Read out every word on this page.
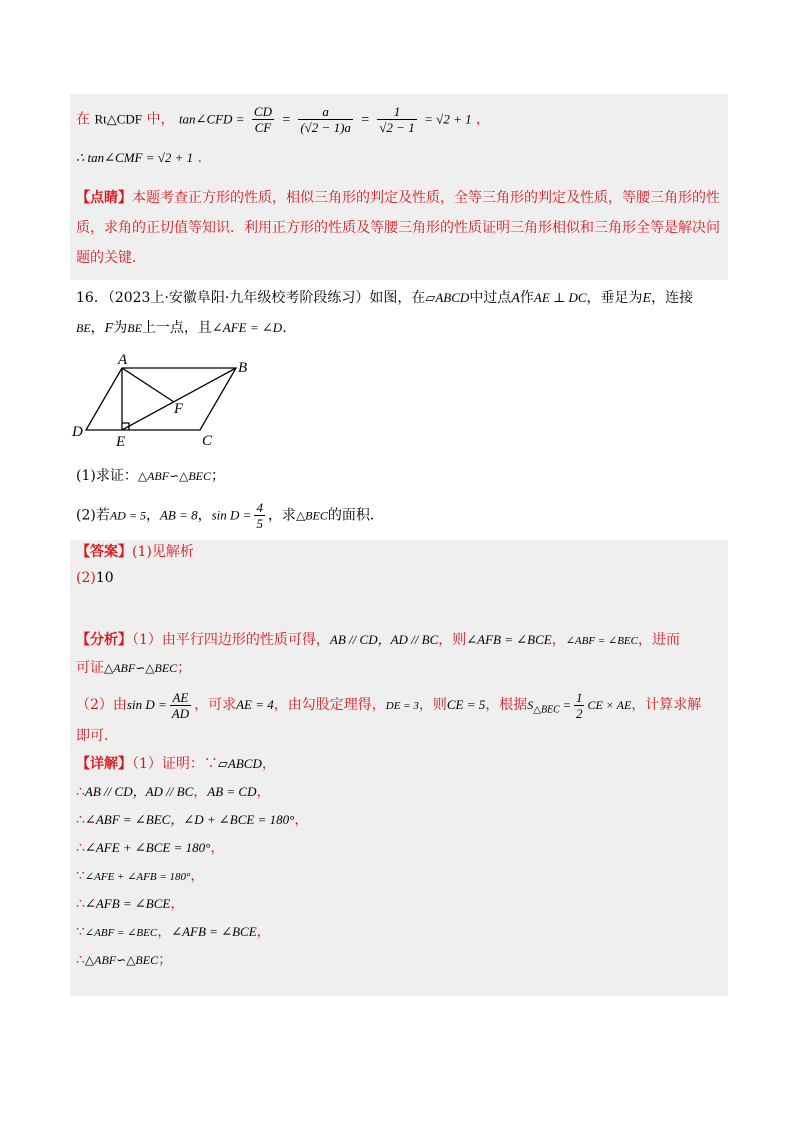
在 Rt△CDF 中， tan∠CFD = $\frac{CD}{CF} = \frac{a}{(√2 - 1)a} = \frac{1}{√2 - 1} = √2 + 1$ ，
∴ tan∠CMF = √2 + 1 .
【点睛】本题考查正方形的性质，相似三角形的判定及性质，全等三角形的判定及性质，等腰三角形的性
质，求角的正切值等知识．利用正方形的性质及等腰三角形的性质证明三角形相似和三角形全等是解决问
题的关键．
16．（2023上·安徽阜阳·九年级校考阶段练习）如图，在▱ABCD中过点A作AE ⊥ DC，垂足为E，连接
BE，F为BE上一点，且∠AFE = ∠D.
A	B
C
D
E
F
(1)求证：△ABF∽△BEC；
(2)若AD = 5，AB = 8，$\sin D = \frac{4}{5}$ ，求△BEC的面积．
【答案】(1)见解析
(2)10
【分析】（1）由平行四边形的性质可得，AB // CD，AD // BC，则∠AFB = ∠BCE，∠ABF = ∠BEC，进而
可证△ABF∽△BEC；
（2）由$\sin D = \frac{AE}{AD}$ ，可求AE = 4，由勾股定理得，DE = 3，则CE = 5，根据$S_{\triangle BEC} = \frac{1}{2}$ CE × AE，计算求解
即可．
【详解】（1）证明：∵▱ABCD，
∴AB // CD，AD // BC，AB = CD，
∴∠ABF = ∠BEC，∠D + ∠BCE = 180°，
∴∠AFE + ∠BCE = 180°，
∵∠AFE + ∠AFB = 180°，
∴∠AFB = ∠BCE，
∵∠ABF = ∠BEC，∠AFB = ∠BCE，
∴△ABF∽△BEC；
